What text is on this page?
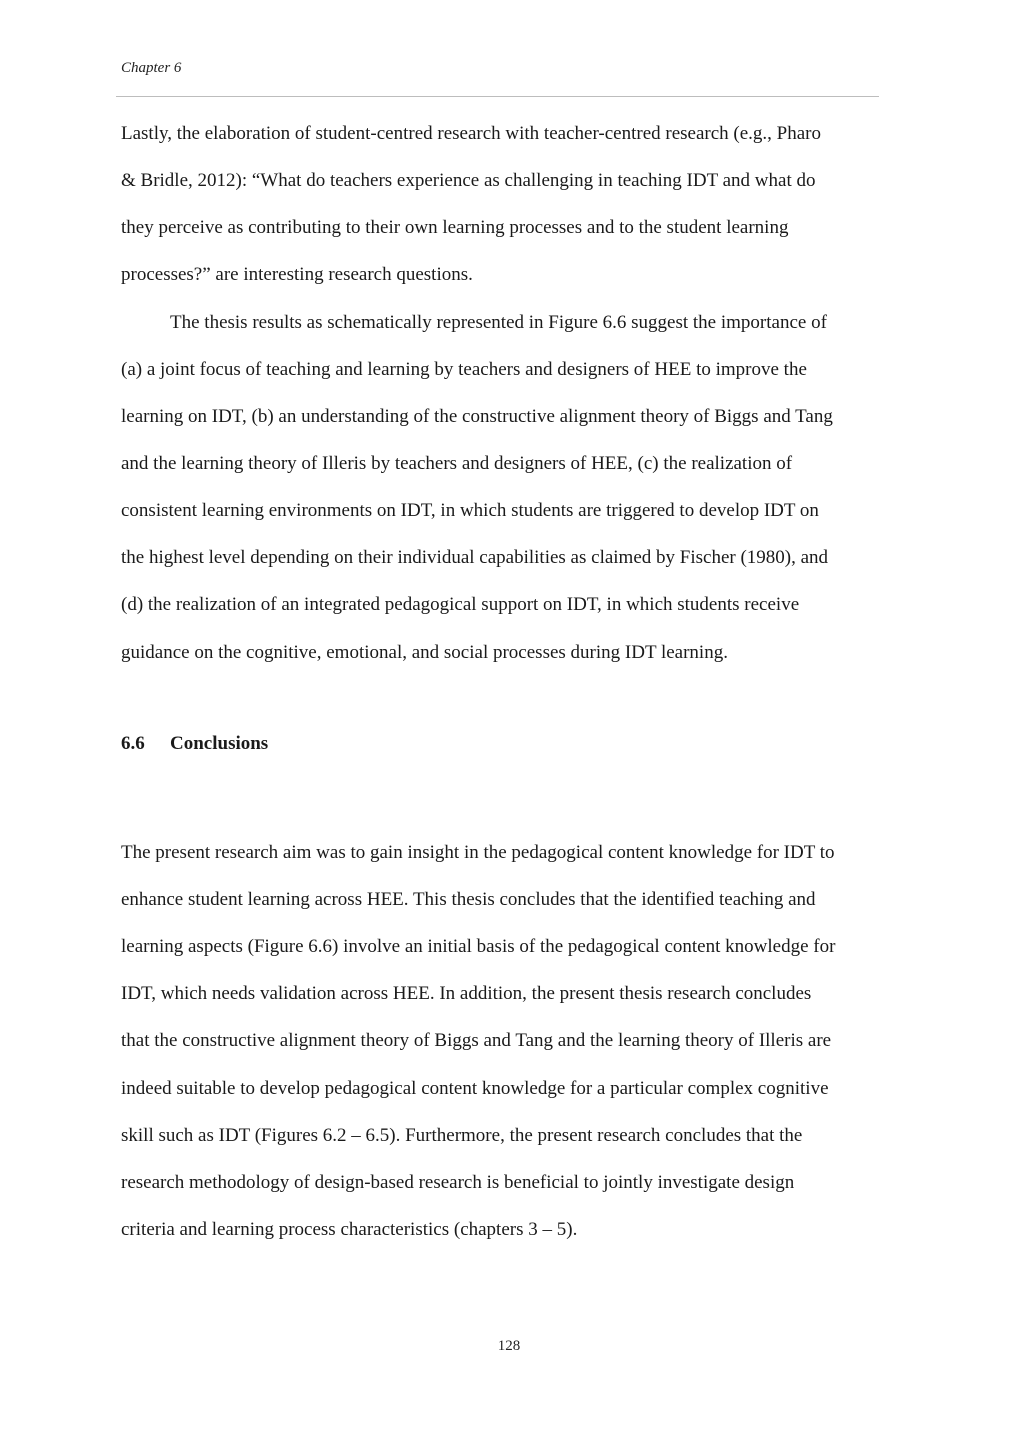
Chapter 6
Lastly, the elaboration of student-centred research with teacher-centred research (e.g., Pharo
& Bridle, 2012): “What do teachers experience as challenging in teaching IDT and what do
they perceive as contributing to their own learning processes and to the student learning
processes?” are interesting research questions.
The thesis results as schematically represented in Figure 6.6 suggest the importance of
(a) a joint focus of teaching and learning by teachers and designers of HEE to improve the
learning on IDT, (b) an understanding of the constructive alignment theory of Biggs and Tang
and the learning theory of Illeris by teachers and designers of HEE, (c) the realization of
consistent learning environments on IDT, in which students are triggered to develop IDT on
the highest level depending on their individual capabilities as claimed by Fischer (1980), and
(d) the realization of an integrated pedagogical support on IDT, in which students receive
guidance on the cognitive, emotional, and social processes during IDT learning.
6.6 Conclusions
The present research aim was to gain insight in the pedagogical content knowledge for IDT to
enhance student learning across HEE. This thesis concludes that the identified teaching and
learning aspects (Figure 6.6) involve an initial basis of the pedagogical content knowledge for
IDT, which needs validation across HEE. In addition, the present thesis research concludes
that the constructive alignment theory of Biggs and Tang and the learning theory of Illeris are
indeed suitable to develop pedagogical content knowledge for a particular complex cognitive
skill such as IDT (Figures 6.2 – 6.5). Furthermore, the present research concludes that the
research methodology of design-based research is beneficial to jointly investigate design
criteria and learning process characteristics (chapters 3 – 5).
128
